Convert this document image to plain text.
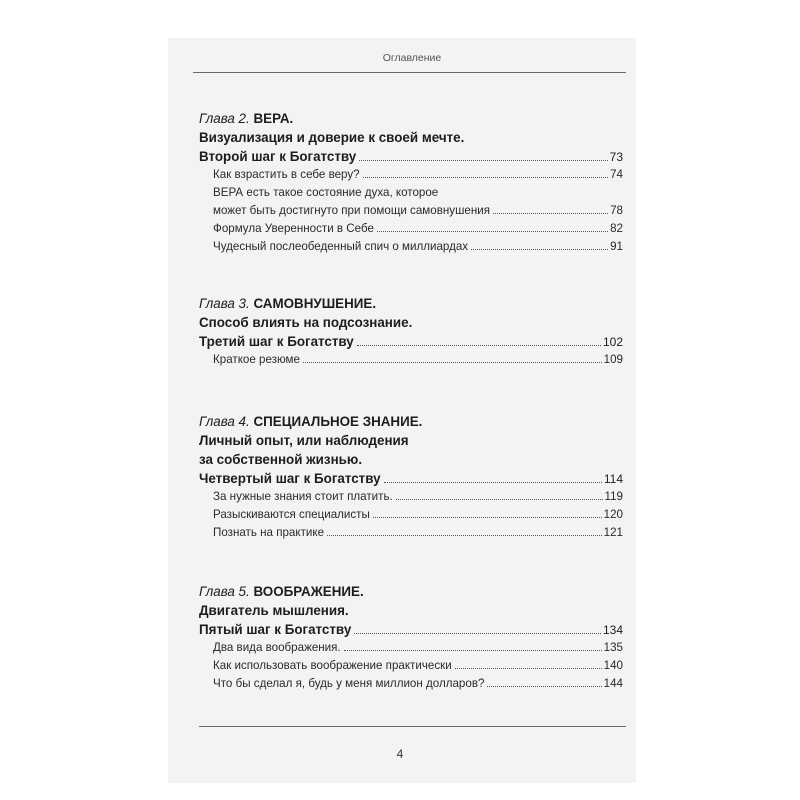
Оглавление
Глава 2. ВЕРА.
Визуализация и доверие к своей мечте.
Второй шаг к Богатству	73
Как взрастить в себе веру?	74
ВЕРА есть такое состояние духа, которое
может быть достигнуто при помощи самовнушения	78
Формула Уверенности в Себе	82
Чудесный послеобеденный спич о миллиардах	91
Глава 3. САМОВНУШЕНИЕ.
Способ влиять на подсознание.
Третий шаг к Богатству	102
Краткое резюме	109
Глава 4. СПЕЦИАЛЬНОЕ ЗНАНИЕ.
Личный опыт, или наблюдения
за собственной жизнью.
Четвертый шаг к Богатству	114
За нужные знания стоит платить.	119
Разыскиваются специалисты	120
Познать на практике	121
Глава 5. ВООБРАЖЕНИЕ.
Двигатель мышления.
Пятый шаг к Богатству	134
Два вида воображения.	135
Как использовать воображение практически	140
Что бы сделал я, будь у меня миллион долларов?	144
4
